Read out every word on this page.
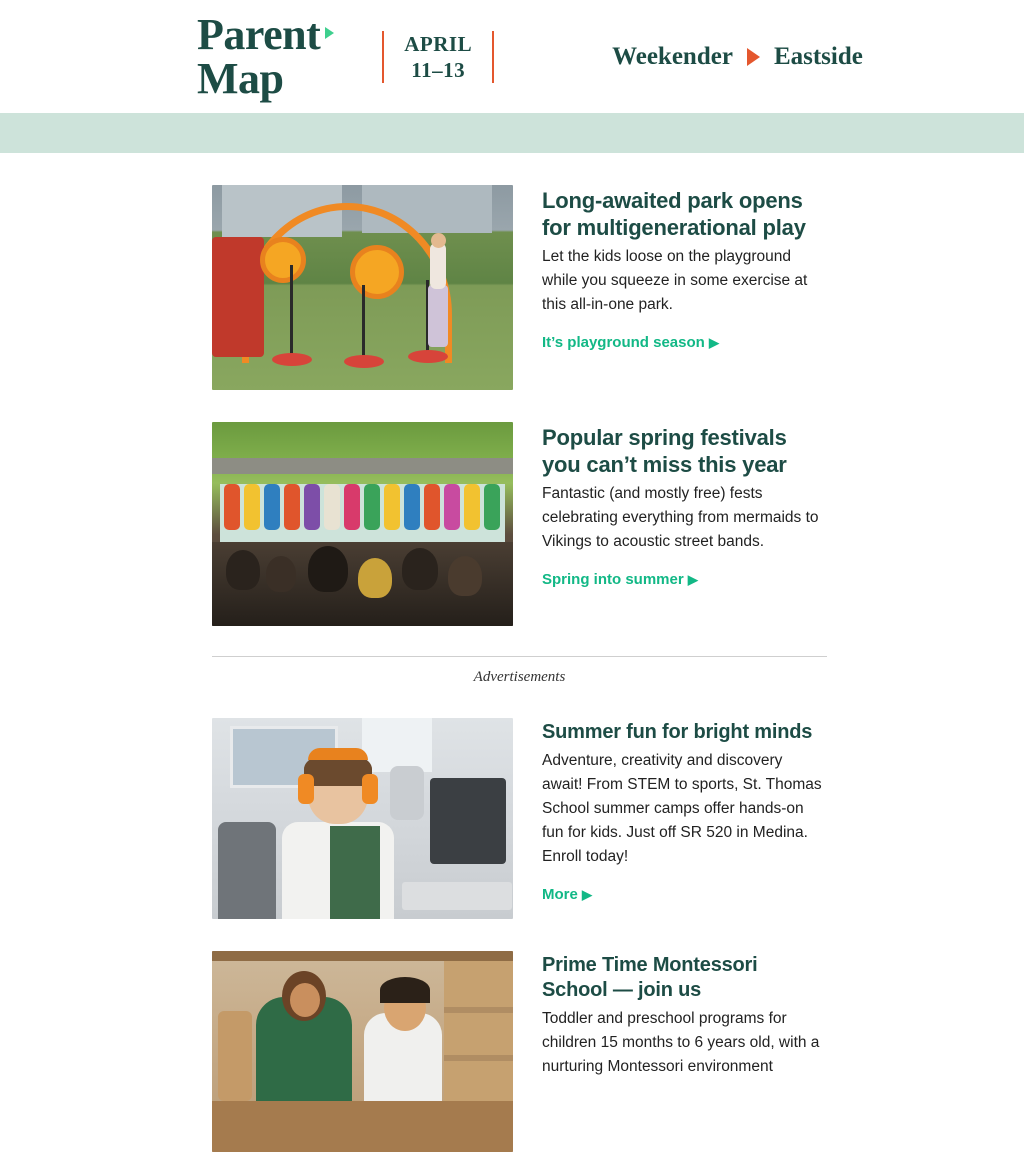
Parent
Map
APRIL
11–13	Weekender Eastside
Long-awaited park opens for multigenerational play

Let the kids loose on the playground while you squeeze in some exercise at this all-in-one park.

It’s playground season ▶
Popular spring festivals you can’t miss this year

Fantastic (and mostly free) fests celebrating everything from mermaids to Vikings to acoustic street bands.

Spring into summer ▶
Advertisements
Summer fun for bright minds

Adventure, creativity and discovery await! From STEM to sports, St. Thomas School summer camps offer hands-on fun for kids. Just off SR 520 in Medina. Enroll today!

More ▶
Prime Time Montessori School — join us

Toddler and preschool programs for children 15 months to 6 years old, with a nurturing Montessori environment
